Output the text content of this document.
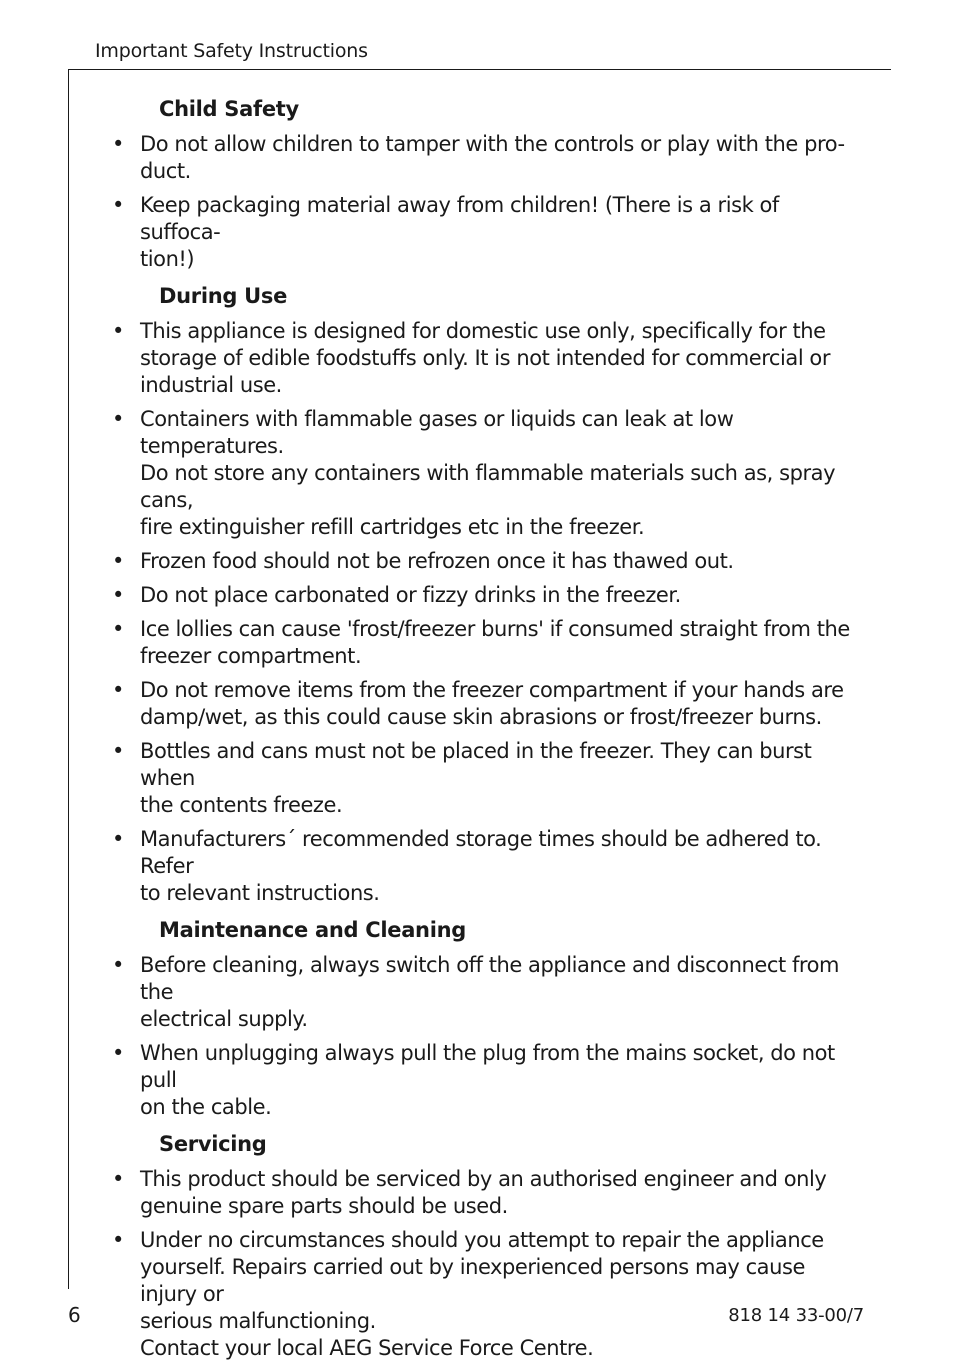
Important Safety Instructions
Child Safety
• Do not allow children to tamper with the controls or play with the pro-
duct.
• Keep packaging material away from children! (There is a risk of suffoca-
tion!)
During Use
• This appliance is designed for domestic use only, specifically for the
storage of edible foodstuffs only. It is not intended for commercial or
industrial use.
• Containers with flammable gases or liquids can leak at low temperatures.
Do not store any containers with flammable materials such as, spray cans,
fire extinguisher refill cartridges etc in the freezer.
• Frozen food should not be refrozen once it has thawed out.
• Do not place carbonated or fizzy drinks in the freezer.
• Ice lollies can cause 'frost/freezer burns' if consumed straight from the
freezer compartment.
• Do not remove items from the freezer compartment if your hands are
damp/wet, as this could cause skin abrasions or frost/freezer burns.
• Bottles and cans must not be placed in the freezer. They can burst when
the contents freeze.
• Manufacturers´ recommended storage times should be adhered to. Refer
to relevant instructions.
Maintenance and Cleaning
• Before cleaning, always switch off the appliance and disconnect from the
electrical supply.
• When unplugging always pull the plug from the mains socket, do not pull
on the cable.
Servicing
• This product should be serviced by an authorised engineer and only
genuine spare parts should be used.
• Under no circumstances should you attempt to repair the appliance
yourself. Repairs carried out by inexperienced persons may cause injury or
serious malfunctioning.
Contact your local AEG Service Force Centre.
6	818 14 33-00/7
